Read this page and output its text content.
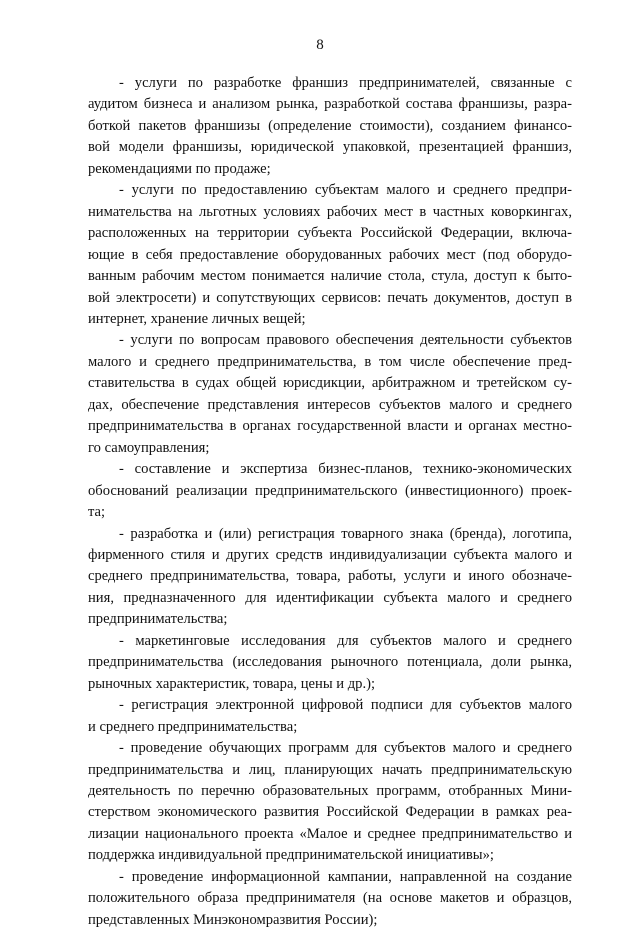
8

- услуги по разработке франшиз предпринимателей, связанные с
аудитом бизнеса и анализом рынка, разработкой состава франшизы, разра-
боткой пакетов франшизы (определение стоимости), созданием финансо-
вой модели франшизы, юридической упаковкой, презентацией франшиз,
рекомендациями по продаже;

- услуги по предоставлению субъектам малого и среднего предпри-
нимательства на льготных условиях рабочих мест в частных коворкингах,
расположенных на территории субъекта Российской Федерации, включа-
ющие в себя предоставление оборудованных рабочих мест (под оборудо-
ванным рабочим местом понимается наличие стола, стула, доступ к быто-
вой электросети) и сопутствующих сервисов: печать документов, доступ в
интернет, хранение личных вещей;

- услуги по вопросам правового обеспечения деятельности субъектов
малого и среднего предпринимательства, в том числе обеспечение пред-
ставительства в судах общей юрисдикции, арбитражном и третейском су-
дах, обеспечение представления интересов субъектов малого и среднего
предпринимательства в органах государственной власти и органах местно-
го самоуправления;

- составление и экспертиза бизнес-планов, технико-экономических
обоснований реализации предпринимательского (инвестиционного) проек-
та;

- разработка и (или) регистрация товарного знака (бренда), логотипа,
фирменного стиля и других средств индивидуализации субъекта малого и
среднего предпринимательства, товара, работы, услуги и иного обозначе-
ния, предназначенного для идентификации субъекта малого и среднего
предпринимательства;

- маркетинговые исследования для субъектов малого и среднего
предпринимательства (исследования рыночного потенциала, доли рынка,
рыночных характеристик, товара, цены и др.);

- регистрация электронной цифровой подписи для субъектов малого
и среднего предпринимательства;

- проведение обучающих программ для субъектов малого и среднего
предпринимательства и лиц, планирующих начать предпринимательскую
деятельность по перечню образовательных программ, отобранных Мини-
стерством экономического развития Российской Федерации в рамках реа-
лизации национального проекта «Малое и среднее предпринимательство и
поддержка индивидуальной предпринимательской инициативы»;

- проведение информационной кампании, направленной на создание
положительного образа предпринимателя (на основе макетов и образцов,
представленных Минэкономразвития России);
